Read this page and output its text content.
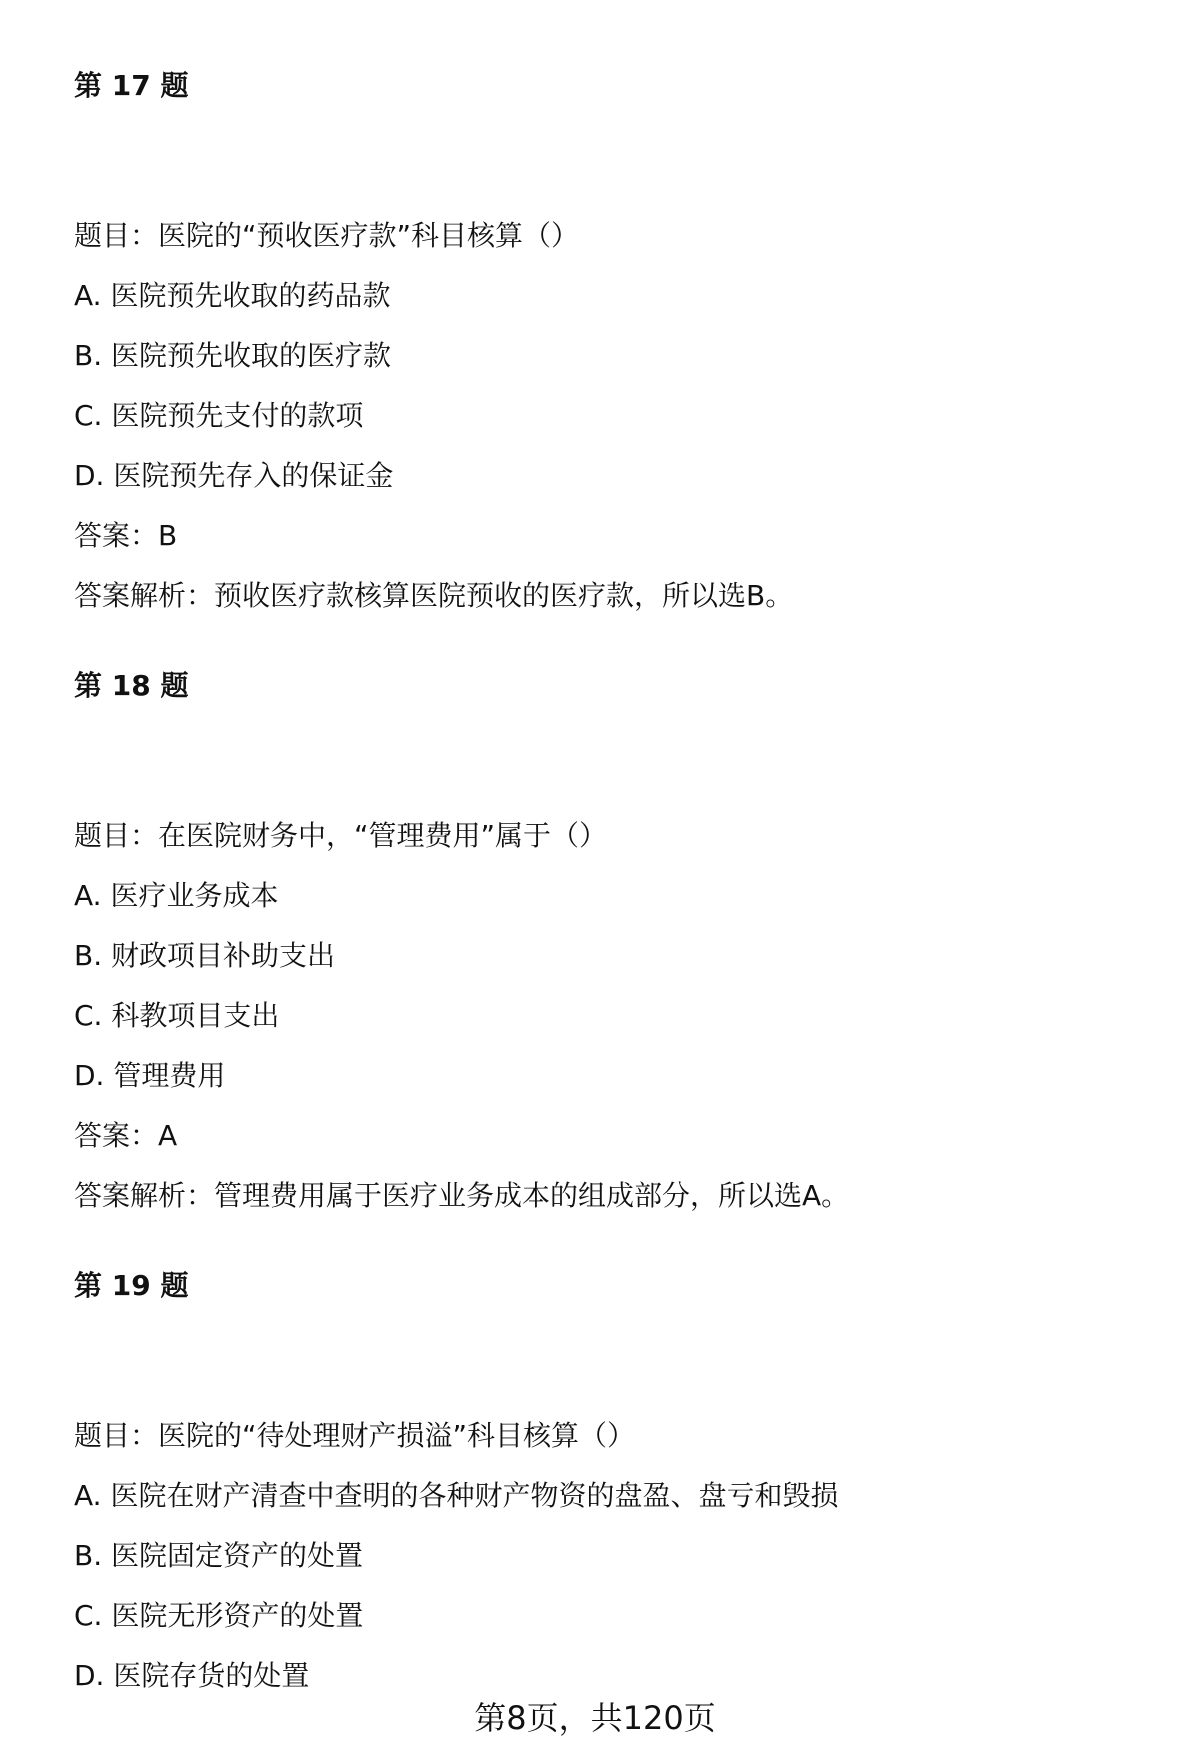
第 17 题
题目：医院的“预收医疗款”科目核算（）
A. 医院预先收取的药品款
B. 医院预先收取的医疗款
C. 医院预先支付的款项
D. 医院预先存入的保证金
答案：B
答案解析：预收医疗款核算医院预收的医疗款，所以选B。
第 18 题
题目：在医院财务中，“管理费用”属于（）
A. 医疗业务成本
B. 财政项目补助支出
C. 科教项目支出
D. 管理费用
答案：A
答案解析：管理费用属于医疗业务成本的组成部分，所以选A。
第 19 题
题目：医院的“待处理财产损溢”科目核算（）
A. 医院在财产清查中查明的各种财产物资的盘盈、盘亏和毁损
B. 医院固定资产的处置
C. 医院无形资产的处置
D. 医院存货的处置
第8页，共120页
